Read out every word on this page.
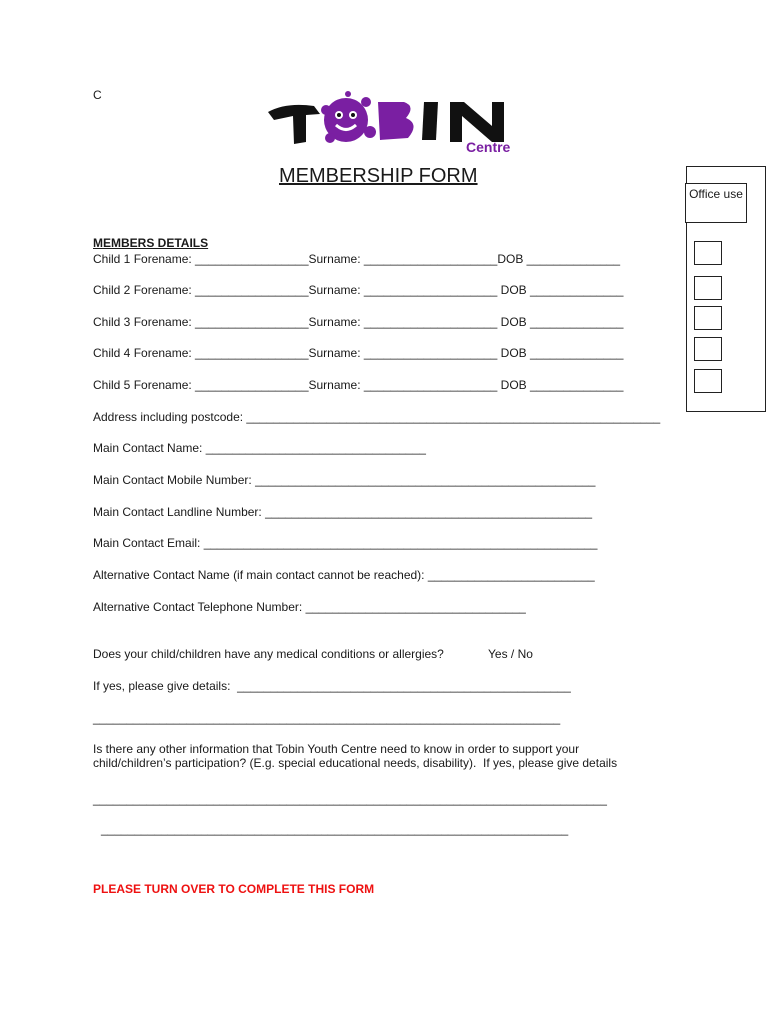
C
Centre
MEMBERSHIP FORM
Office use
MEMBERS DETAILS
Child 1 Forename: _________________Surname: ____________________DOB ______________
Child 2 Forename: _________________Surname: ____________________ DOB ______________
Child 3 Forename: _________________Surname: ____________________ DOB ______________
Child 4 Forename: _________________Surname: ____________________ DOB ______________
Child 5 Forename: _________________Surname: ____________________ DOB ______________
Address including postcode: ______________________________________________________________
Main Contact Name: _________________________________
Main Contact Mobile Number: ___________________________________________________
Main Contact Landline Number: _________________________________________________
Main Contact Email: ___________________________________________________________
Alternative Contact Name (if main contact cannot be reached): _________________________
Alternative Contact Telephone Number: _________________________________
Does your child/children have any medical conditions or allergies?	Yes / No
If yes, please give details:  __________________________________________________
______________________________________________________________________
Is there any other information that Tobin Youth Centre need to know in order to support your
child/children’s participation? (E.g. special educational needs, disability).  If yes, please give details
_____________________________________________________________________________
______________________________________________________________________
PLEASE TURN OVER TO COMPLETE THIS FORM
